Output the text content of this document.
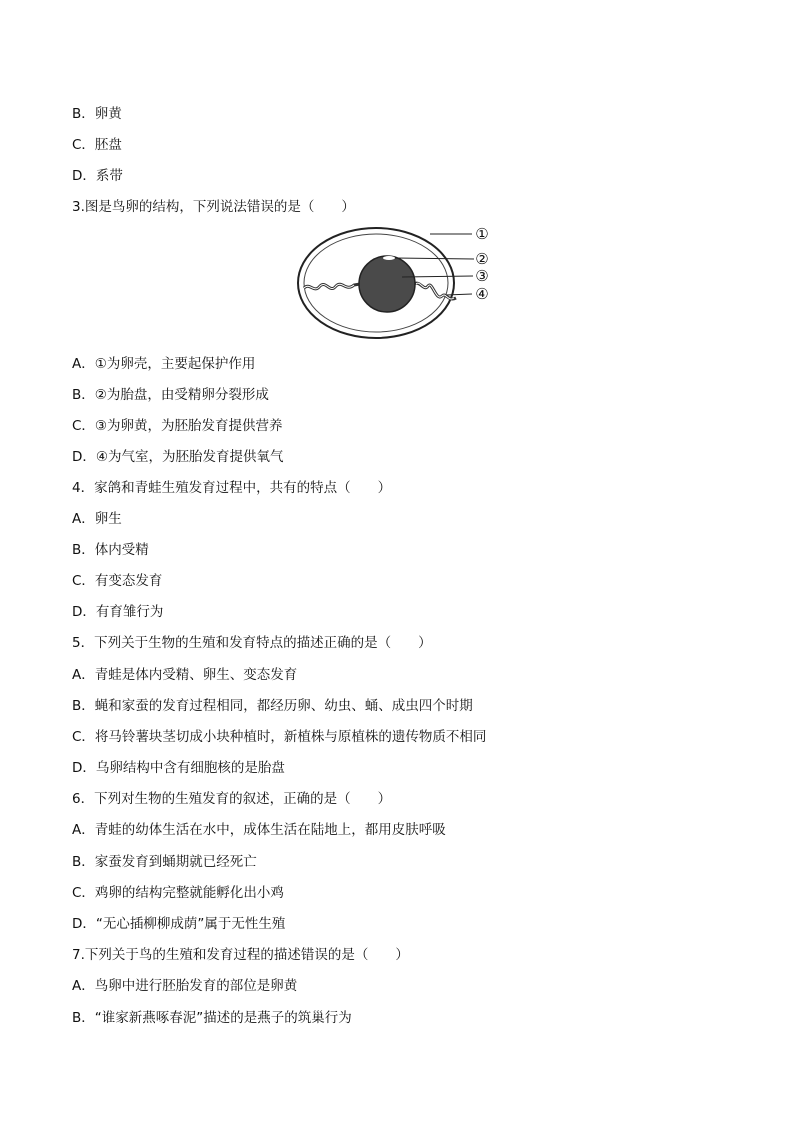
B．卵黄
C．胚盘
D．系带
3.图是鸟卵的结构，下列说法错误的是（　　）
①
②
③
④
A．①为卵壳，主要起保护作用
B．②为胎盘，由受精卵分裂形成
C．③为卵黄，为胚胎发育提供营养
D．④为气室，为胚胎发育提供氧气
4．家鸽和青蛙生殖发育过程中，共有的特点（　　）
A．卵生
B．体内受精
C．有变态发育
D．有育雏行为
5．下列关于生物的生殖和发育特点的描述正确的是（　　）
A．青蛙是体内受精、卵生、变态发育
B．蝇和家蚕的发育过程相同，都经历卵、幼虫、蛹、成虫四个时期
C．将马铃薯块茎切成小块种植时，新植株与原植株的遗传物质不相同
D．乌卵结构中含有细胞核的是胎盘
6．下列对生物的生殖发育的叙述，正确的是（　　）
A．青蛙的幼体生活在水中，成体生活在陆地上，都用皮肤呼吸
B．家蚕发育到蛹期就已经死亡
C．鸡卵的结构完整就能孵化出小鸡
D．“无心插柳柳成荫”属于无性生殖
7.下列关于鸟的生殖和发育过程的描述错误的是（　　）
A．鸟卵中进行胚胎发育的部位是卵黄
B．“谁家新燕啄春泥”描述的是燕子的筑巢行为
